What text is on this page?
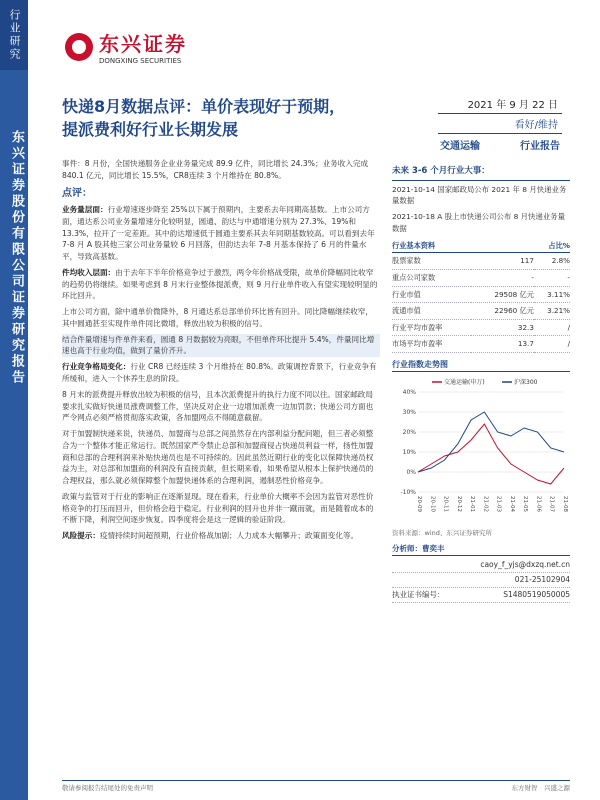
行业研究
东兴证券股份有限公司证券研究报告
东兴证券
DONGXING SECURITIES
快递8月数据点评：单价表现好于预期，
提派费利好行业长期发展
2021 年 9 月 22 日
看好/维持
交通运输	行业报告

事件：8 月份，全国快递服务企业业务量完成 89.9 亿件，同比增长 24.3%；业务收入完成 840.1 亿元，同比增长 15.5%，CR8连续 3 个月维持在 80.8%。

点评：

业务量层面：行业增速逐步降至 25%以下属于预期内，主要系去年同期高基数。上市公司方面，通达系公司业务量增速分化较明显，圆通、韵达与中通增速分别为 27.3%、19%和 13.3%，拉开了一定差距。其中韵达增速低于圆通主要系其去年同期基数较高。可以看到去年 7-8 月 A 股其他三家公司业务量较 6 月回落，但韵达去年 7-8 月基本保持了 6 月的件量水平，导致高基数。

件均收入层面：由于去年下半年价格竞争过于激烈，两令年价格战受限，故单价降幅同比收窄的趋势仍将继续。如果考虑到 8 月末行业整体提派费，则 9 月行业单件收入有望实现较明显的环比回升。

上市公司方面，除中通单价微降外，8 月通达系总部单价环比皆有回升。同比降幅继续收窄，其中圆通甚至实现件单件同比微增，释放出较为积极的信号。

结合件量增速与件单件来看，圆通 8 月数据较为亮眼，不但单件环比提升 5.4%，件量同比增速也高于行业均值，做到了量价齐升。

行业竞争格局变化：行业 CR8 已经连续 3 个月维持在 80.8%。政策调控背景下，行业竞争有所缓和，进入一个休养生息的阶段。

8 月末的派费提升释放出较为积极的信号，且本次派费提升的执行力度不同以往。国家邮政局要求扎实做好快递员涨费调整工作，坚决反对企业一边增加派费一边加罚款；快递公司方面也严令网点必须严格贯彻落实政策，各加盟网点不得随意截留。

对于加盟制快递来说，快递员、加盟商与总部之间虽然存在内部利益分配问题，但三者必须整合为一个整体才能正常运行。既然国家严令禁止总部和加盟商侵占快递员利益一样，扬性加盟商和总部的合理利润来补贴快递员也是不可持续的。因此虽然近期行业的变化以保障快递员权益为主，对总部和加盟商的利润没有直接贡献，但长期来看，如果希望从根本上保护快递员的合理权益，那么就必须保障整个加盟快递体系的合理利润，遏制恶性价格竞争。

政策与监管对于行业的影响正在逐渐显现。现在看来，行业单价大概率不会因为监管对恶性价格竞争的打压而回升，但价格会趋于稳定。行业利润的回升也并非一蹴而就，而是随着成本的不断下降，利润空间逐步恢复。四季度将会是这一逻辑的验证阶段。

风险提示：疫情持续时间超预期，行业价格战加剧；人力成本大幅攀升；政策面变化等。

未来 3-6 个月行业大事：
2021-10-14 国家邮政局公布 2021 年 8 月快递业务量数据
2021-10-18 A 股上市快递公司公布 8 月快递业务量数据
行业基本资料		占比%
股票家数	117	2.8%
重点公司家数	-	-
行业市值	29508 亿元	3.11%
流通市值	22960 亿元	3.21%
行业平均市盈率	32.3	/
市场平均市盈率	13.7	/
行业指数走势图
40%
30%
20%
10%
0%
-10%
20-09 20-10 20-11 20-12 21-01 21-02 21-03 21-04 21-05 21-06 21-07 21-08
交通运输(申万)	沪深300
资料来源：wind、东兴证券研究所
分析师：曹奕丰
caoy_f_yjs@dxzq.net.cn
021-25102904
执业证书编号：	S1480519050005
敬请参阅报告结尾处的免责声明	东方财智　兴盛之源
